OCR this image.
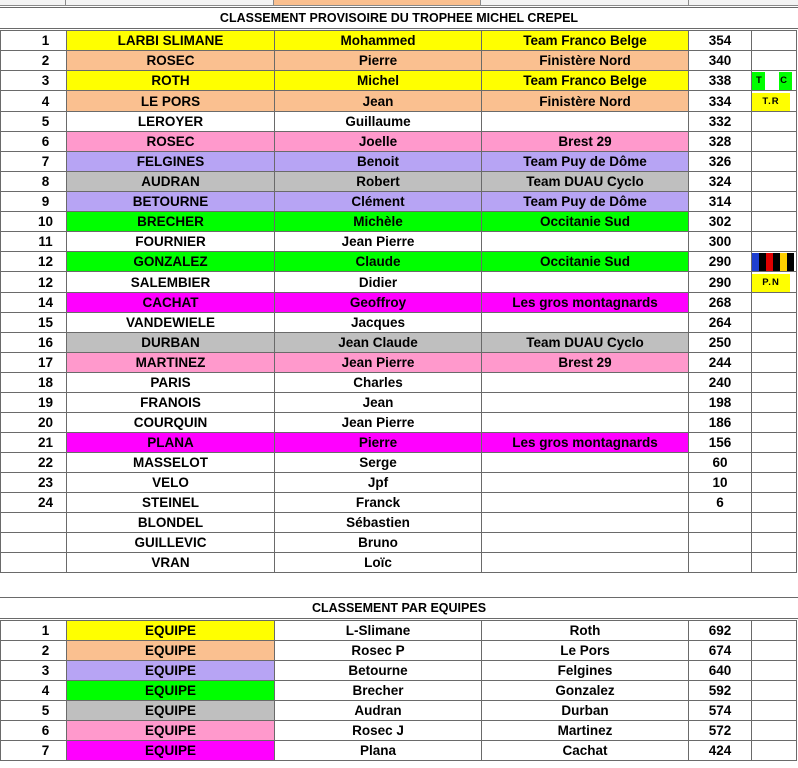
CLASSEMENT PROVISOIRE DU TROPHEE MICHEL CREPEL
1	LARBI SLIMANE	Mohammed	Team Franco Belge	354	
2	ROSEC	Pierre	Finistère Nord	340	
3	ROTH	Michel	Team Franco Belge	338	T C

4	LE PORS	Jean	Finistère Nord	334	T.R
5	LEROYER	Guillaume		332	
6	ROSEC	Joelle	Brest 29	328	
7	FELGINES	Benoit	Team Puy de Dôme	326	
8	AUDRAN	Robert	Team DUAU Cyclo	324	
9	BETOURNE	Clément	Team Puy de Dôme	314	
10	BRECHER	Michèle	Occitanie Sud	302	
11	FOURNIER	Jean Pierre		300	
12	GONZALEZ	Claude	Occitanie Sud	290	

12	SALEMBIER	Didier		290	P.N
14	CACHAT	Geoffroy	Les gros montagnards	268	
15	VANDEWIELE	Jacques		264	
16	DURBAN	Jean Claude	Team DUAU Cyclo	250	
17	MARTINEZ	Jean Pierre	Brest 29	244	
18	PARIS	Charles		240	
19	FRANOIS	Jean		198	
20	COURQUIN	Jean Pierre		186	
21	PLANA	Pierre	Les gros montagnards	156	
22	MASSELOT	Serge		60	
23	VELO	Jpf		10	
24	STEINEL	Franck		6	
	BLONDEL	Sébastien			
	GUILLEVIC	Bruno			
	VRAN	Loïc			
CLASSEMENT PAR EQUIPES
1	EQUIPE	L-Slimane	Roth	692	
2	EQUIPE	Rosec P	Le Pors	674	
3	EQUIPE	Betourne	Felgines	640	
4	EQUIPE	Brecher	Gonzalez	592	
5	EQUIPE	Audran	Durban	574	
6	EQUIPE	Rosec J	Martinez	572	
7	EQUIPE	Plana	Cachat	424	
